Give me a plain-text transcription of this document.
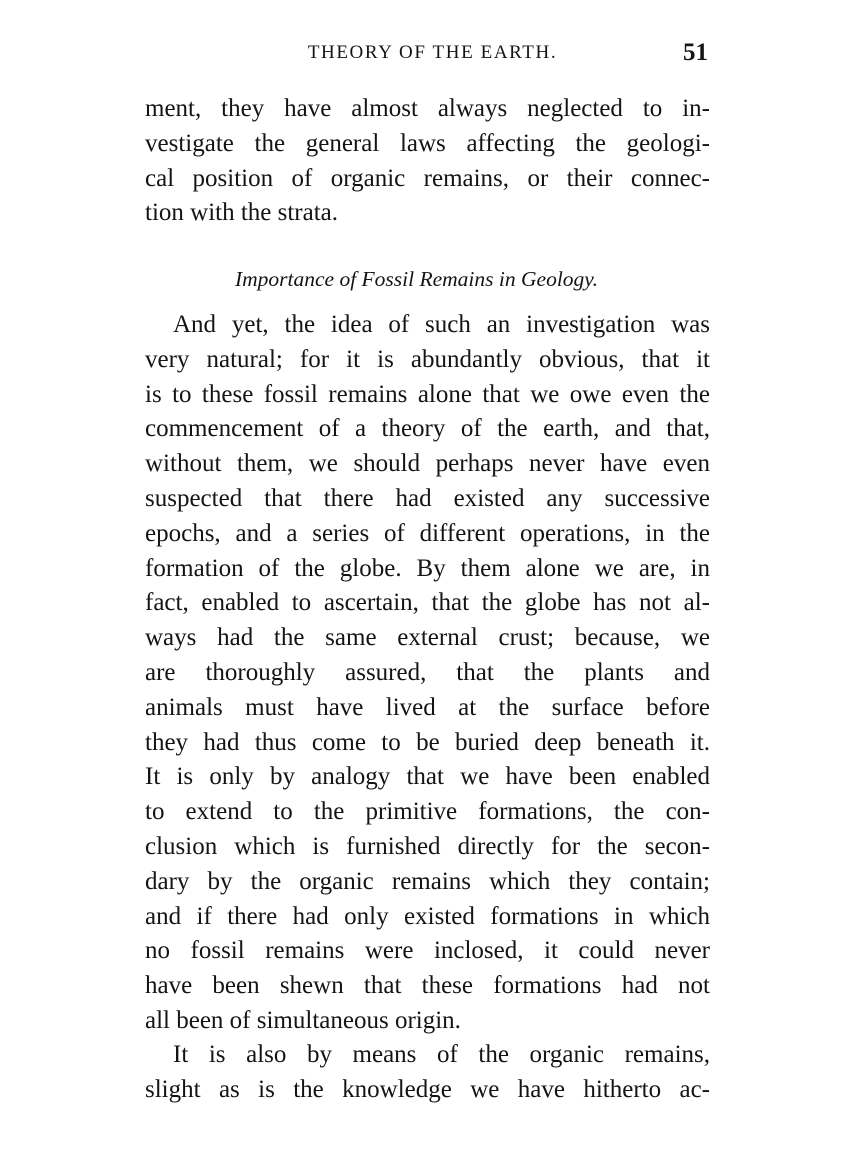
THEORY OF THE EARTH.	51
ment, they have almost always neglected to in-
vestigate the general laws affecting the geologi-
cal position of organic remains, or their connec-
tion with the strata.
Importance of Fossil Remains in Geology.
And yet, the idea of such an investigation was
very natural; for it is abundantly obvious, that it
is to these fossil remains alone that we owe even the
commencement of a theory of the earth, and that,
without them, we should perhaps never have even
suspected that there had existed any successive
epochs, and a series of different operations, in the
formation of the globe. By them alone we are, in
fact, enabled to ascertain, that the globe has not al-
ways had the same external crust; because, we
are thoroughly assured, that the plants and
animals must have lived at the surface before
they had thus come to be buried deep beneath it.
It is only by analogy that we have been enabled
to extend to the primitive formations, the con-
clusion which is furnished directly for the secon-
dary by the organic remains which they contain;
and if there had only existed formations in which
no fossil remains were inclosed, it could never
have been shewn that these formations had not
all been of simultaneous origin.
It is also by means of the organic remains,
slight as is the knowledge we have hitherto ac-
